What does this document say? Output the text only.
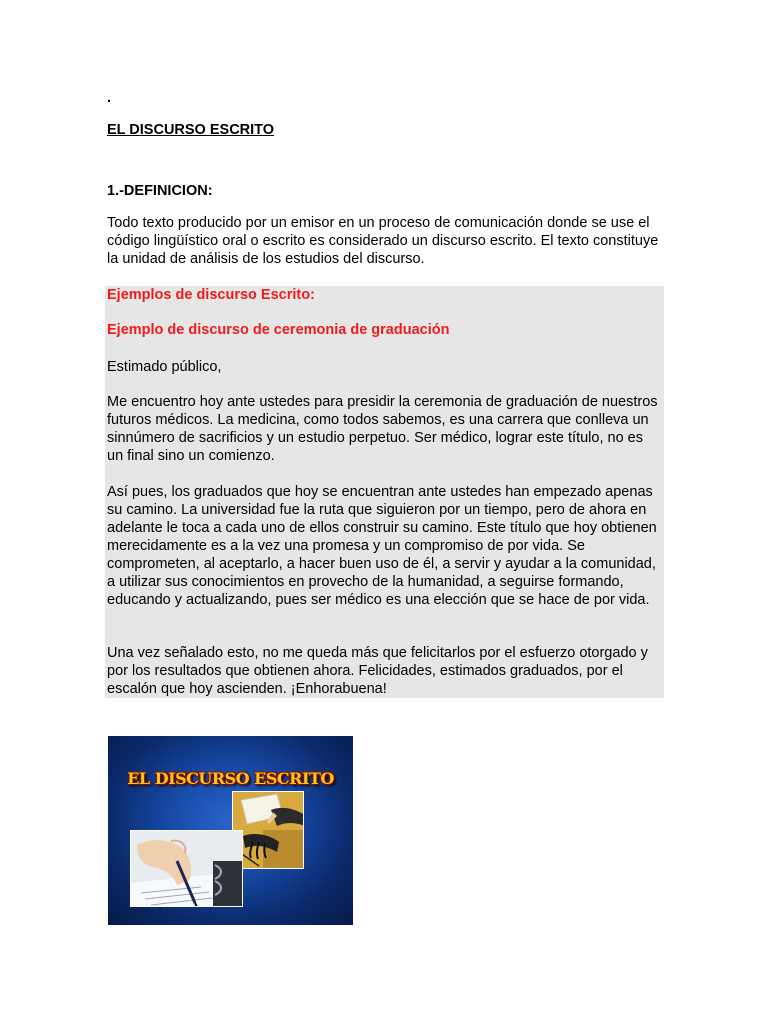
.
EL DISCURSO ESCRITO
1.-DEFINICION:
Todo texto producido por un emisor en un proceso de comunicación donde se use el código lingüístico oral o escrito es considerado un discurso escrito. El texto constituye la unidad de análisis de los estudios del discurso.
Ejemplos de discurso Escrito:
Ejemplo de discurso de ceremonia de graduación
Estimado público,
Me encuentro hoy ante ustedes para presidir la ceremonia de graduación de nuestros futuros médicos. La medicina, como todos sabemos, es una carrera que conlleva un sinnúmero de sacrificios y un estudio perpetuo. Ser médico, lograr este título, no es un final sino un comienzo.
Así pues, los graduados que hoy se encuentran ante ustedes han empezado apenas su camino. La universidad fue la ruta que siguieron por un tiempo, pero de ahora en adelante le toca a cada uno de ellos construir su camino. Este título que hoy obtienen merecidamente es a la vez una promesa y un compromiso de por vida. Se comprometen, al aceptarlo, a hacer buen uso de él, a servir y ayudar a la comunidad, a utilizar sus conocimientos en provecho de la humanidad, a seguirse formando, educando y actualizando, pues ser médico es una elección que se hace de por vida.
Una vez señalado esto, no me queda más que felicitarlos por el esfuerzo otorgado y por los resultados que obtienen ahora. Felicidades, estimados graduados, por el escalón que hoy ascienden. ¡Enhorabuena!
EL DISCURSO ESCRITO
